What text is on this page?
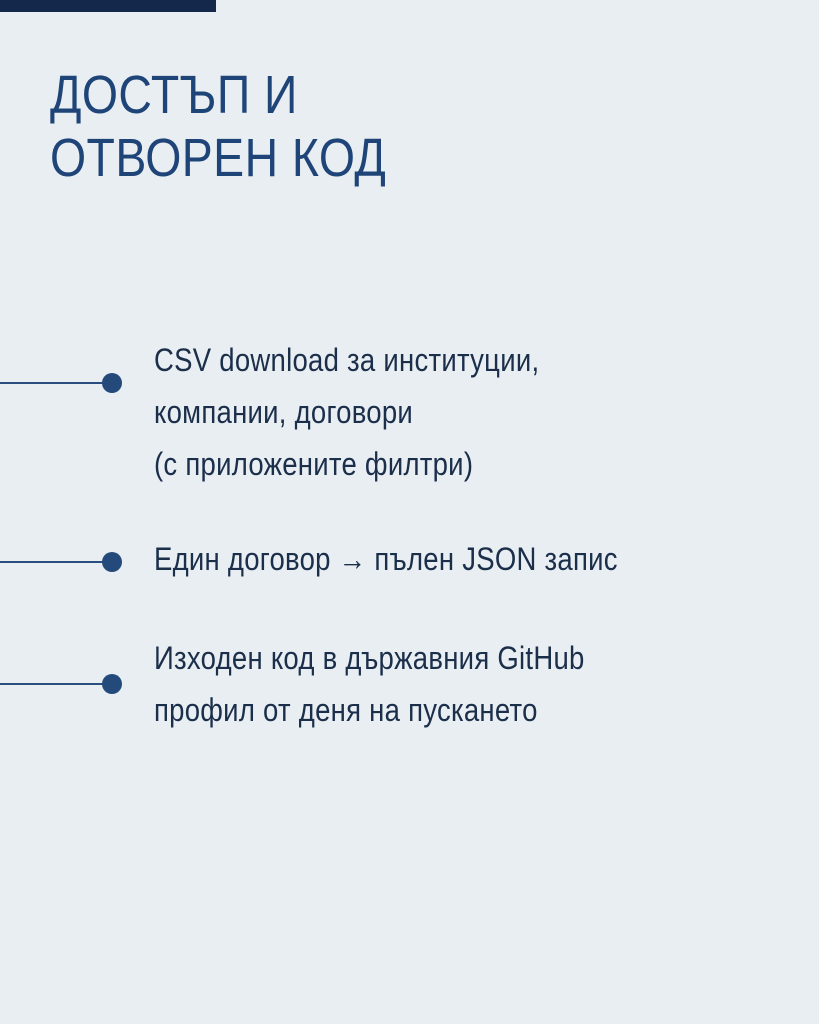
ДОСТЪП И
ОТВОРЕН КОД
CSV download за институции,
компании, договори
(с приложените филтри)
Един договор → пълен JSON запис
Изходен код в държавния GitHub
профил от деня на пускането
